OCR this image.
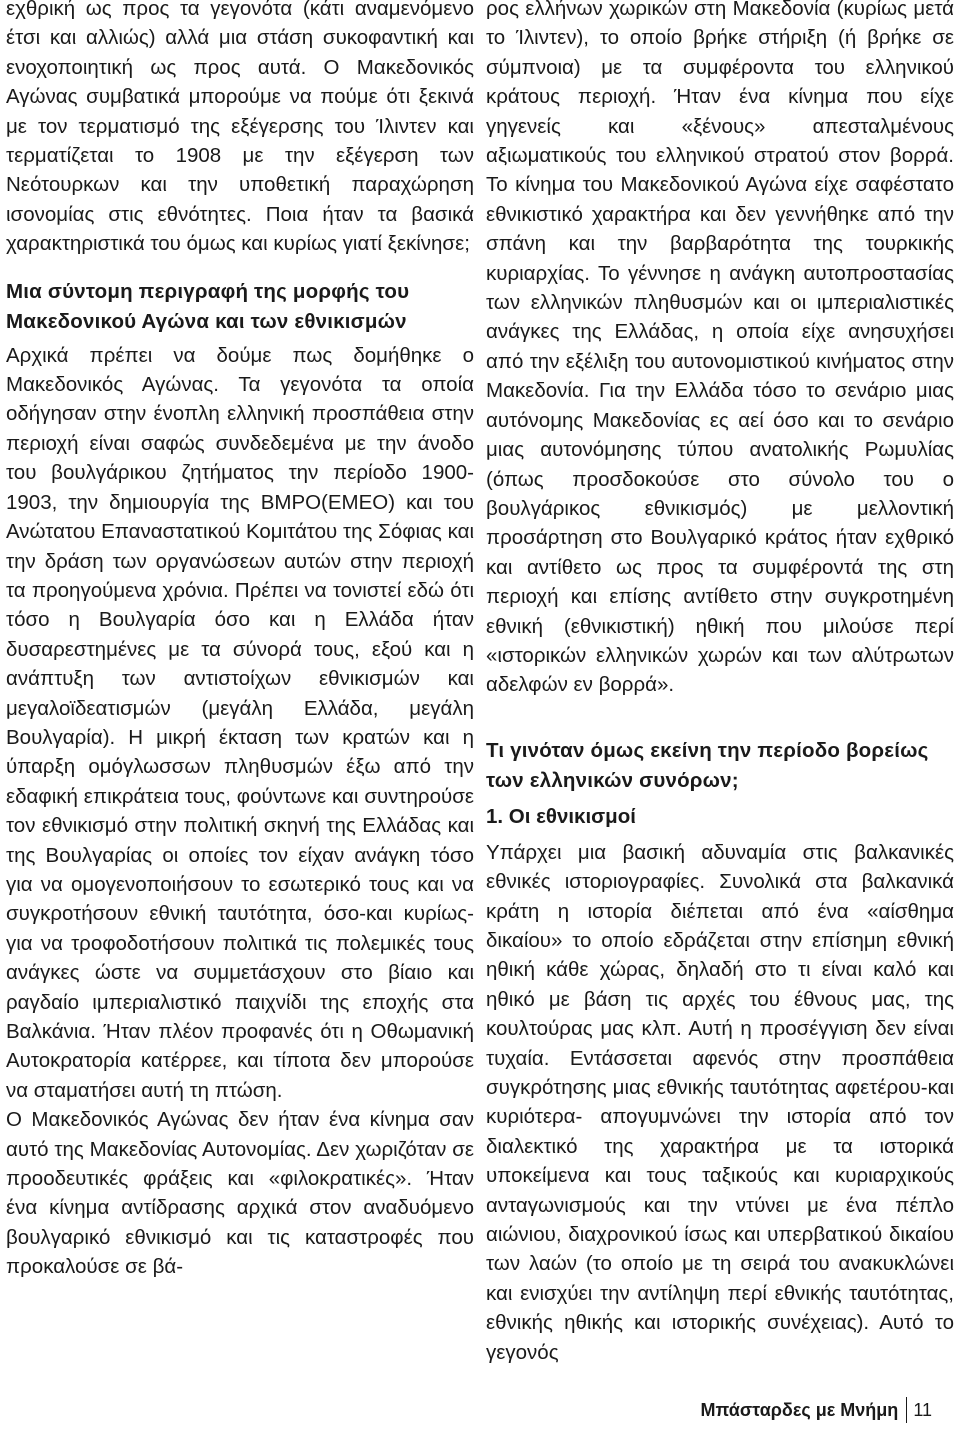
εχθρική ως προς τα γεγονότα (κάτι αναμενόμενο έτσι και αλλιώς) αλλά μια στάση συκοφαντική και ενοχοποιητική ως προς αυτά. Ο Μακεδονικός Αγώνας συμβατικά μπορούμε να πούμε ότι ξεκινά με τον τερματισμό της εξέγερσης του Ίλιντεν και τερματίζεται το 1908 με την εξέγερση των Νεότουρκων και την υποθετική παραχώρηση ισονομίας στις εθνότητες. Ποια ήταν τα βασικά χαρακτηριστικά του όμως και κυρίως γιατί ξεκίνησε;

Μια σύντομη περιγραφή της μορφής του Μακεδονικού Αγώνα και των εθνικισμών

Αρχικά πρέπει να δούμε πως δομήθηκε ο Μακεδονικός Αγώνας. Τα γεγονότα τα οποία οδήγησαν στην ένοπλη ελληνική προσπάθεια στην περιοχή είναι σαφώς συνδεδεμένα με την άνοδο του βουλγάρικου ζητήματος την περίοδο 1900-1903, την δημιουργία της ΒΜΡΟ(ΕΜΕΟ) και του Ανώτατου Επαναστατικού Κομιτάτου της Σόφιας και την δράση των οργανώσεων αυτών στην περιοχή τα προηγούμενα χρόνια. Πρέπει να τονιστεί εδώ ότι τόσο η Βουλγαρία όσο και η Ελλάδα ήταν δυσαρεστημένες με τα σύνορά τους, εξού και η ανάπτυξη των αντιστοίχων εθνικισμών και μεγαλοϊδεατισμών (μεγάλη Ελλάδα, μεγάλη Βουλγαρία). Η μικρή έκταση των κρατών και η ύπαρξη ομόγλωσσων πληθυσμών έξω από την εδαφική επικράτεια τους, φούντωνε και συντηρούσε τον εθνικισμό στην πολιτική σκηνή της Ελλάδας και της Βουλγαρίας οι οποίες τον είχαν ανάγκη τόσο για να ομογενοποιήσουν το εσωτερικό τους και να συγκροτήσουν εθνική ταυτότητα, όσο-και κυρίως-για να τροφοδοτήσουν πολιτικά τις πολεμικές τους ανάγκες ώστε να συμμετάσχουν στο βίαιο και ραγδαίο ιμπεριαλιστικό παιχνίδι της εποχής στα Βαλκάνια. Ήταν πλέον προφανές ότι η Οθωμανική Αυτοκρατορία κατέρρεε, και τίποτα δεν μπορούσε να σταματήσει αυτή τη πτώση.

Ο Μακεδονικός Αγώνας δεν ήταν ένα κίνημα σαν αυτό της Μακεδονίας Αυτονομίας. Δεν χωριζόταν σε προοδευτικές φράξεις και «φιλοκρατικές». Ήταν ένα κίνημα αντίδρασης αρχικά στον αναδυόμενο βουλγαρικό εθνικισμό και τις καταστροφές που προκαλούσε σε βά-

ρος ελλήνων χωρικών στη Μακεδονία (κυρίως μετά το Ίλιντεν), το οποίο βρήκε στήριξη (ή βρήκε σε σύμπνοια) με τα συμφέροντα του ελληνικού κράτους περιοχή. Ήταν ένα κίνημα που είχε γηγενείς και «ξένους» απεσταλμένους αξιωματικούς του ελληνικού στρατού στον βορρά. Το κίνημα του Μακεδονικού Αγώνα είχε σαφέστατο εθνικιστικό χαρακτήρα και δεν γεννήθηκε από την σπάνη και την βαρβαρότητα της τουρκικής κυριαρχίας. Το γέννησε η ανάγκη αυτοπροστασίας των ελληνικών πληθυσμών και οι ιμπεριαλιστικές ανάγκες της Ελλάδας, η οποία είχε ανησυχήσει από την εξέλιξη του αυτονομιστικού κινήματος στην Μακεδονία. Για την Ελλάδα τόσο το σενάριο μιας αυτόνομης Μακεδονίας ες αεί όσο και το σενάριο μιας αυτονόμησης τύπου ανατολικής Ρωμυλίας (όπως προσδοκούσε στο σύνολο του ο βουλγάρικος εθνικισμός) με μελλοντική προσάρτηση στο Βουλγαρικό κράτος ήταν εχθρικό και αντίθετο ως προς τα συμφέροντά της στη περιοχή και επίσης αντίθετο στην συγκροτημένη εθνική (εθνικιστική) ηθική που μιλούσε περί «ιστορικών ελληνικών χωρών και των αλύτρωτων αδελφών εν βορρά».

Τι γινόταν όμως εκείνη την περίοδο βορείως των ελληνικών συνόρων;

1. Οι εθνικισμοί

Υπάρχει μια βασική αδυναμία στις βαλκανικές εθνικές ιστοριογραφίες. Συνολικά στα βαλκανικά κράτη η ιστορία διέπεται από ένα «αίσθημα δικαίου» το οποίο εδράζεται στην επίσημη εθνική ηθική κάθε χώρας, δηλαδή στο τι είναι καλό και ηθικό με βάση τις αρχές του έθνους μας, της κουλτούρας μας κλπ. Αυτή η προσέγγιση δεν είναι τυχαία. Εντάσσεται αφενός στην προσπάθεια συγκρότησης μιας εθνικής ταυτότητας αφετέρου-και κυριότερα- απογυμνώνει την ιστορία από τον διαλεκτικό της χαρακτήρα με τα ιστορικά υποκείμενα και τους ταξικούς και κυριαρχικούς ανταγωνισμούς και την ντύνει με ένα πέπλο αιώνιου, διαχρονικού ίσως και υπερβατικού δικαίου των λαών (το οποίο με τη σειρά του ανακυκλώνει και ενισχύει την αντίληψη περί εθνικής ταυτότητας, εθνικής ηθικής και ιστορικής συνέχειας). Αυτό το γεγονός

Μπάσταρδες με Μνήμη 11
